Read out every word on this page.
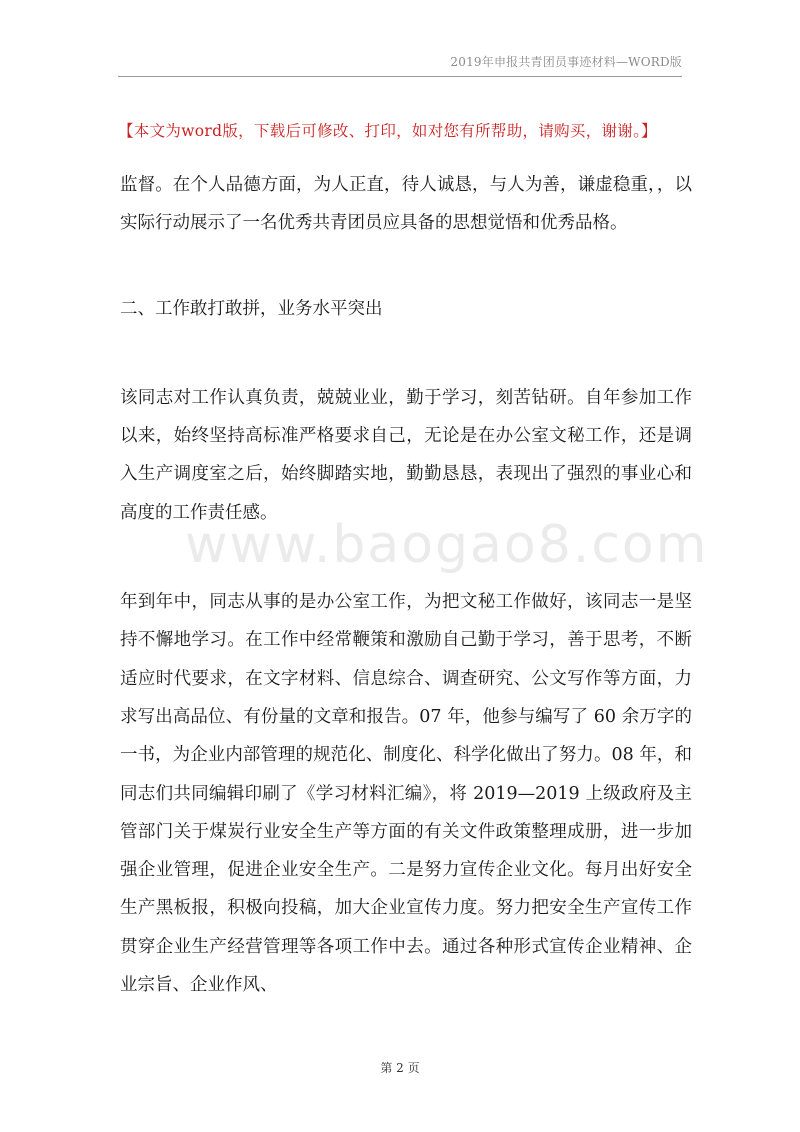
2019年申报共青团员事迹材料—WORD版
【本文为word版，下载后可修改、打印，如对您有所帮助，请购买，谢谢。】
www.baogao8.com

监督。在个人品德方面，为人正直，待人诚恳，与人为善，谦虚稳重，，以实际行动展示了一名优秀共青团员应具备的思想觉悟和优秀品格。

二、工作敢打敢拼，业务水平突出

该同志对工作认真负责，兢兢业业，勤于学习，刻苦钻研。自年参加工作以来，始终坚持高标准严格要求自己，无论是在办公室文秘工作，还是调入生产调度室之后，始终脚踏实地，勤勤恳恳，表现出了强烈的事业心和高度的工作责任感。

年到年中，同志从事的是办公室工作，为把文秘工作做好，该同志一是坚持不懈地学习。在工作中经常鞭策和激励自己勤于学习，善于思考，不断适应时代要求，在文字材料、信息综合、调查研究、公文写作等方面，力求写出高品位、有份量的文章和报告。07 年，他参与编写了 60 余万字的一书，为企业内部管理的规范化、制度化、科学化做出了努力。08 年，和同志们共同编辑印刷了《学习材料汇编》，将 2019—2019 上级政府及主管部门关于煤炭行业安全生产等方面的有关文件政策整理成册，进一步加强企业管理，促进企业安全生产。二是努力宣传企业文化。每月出好安全生产黑板报，积极向投稿，加大企业宣传力度。努力把安全生产宣传工作贯穿企业生产经营管理等各项工作中去。通过各种形式宣传企业精神、企业宗旨、企业作风、

第 2 页
